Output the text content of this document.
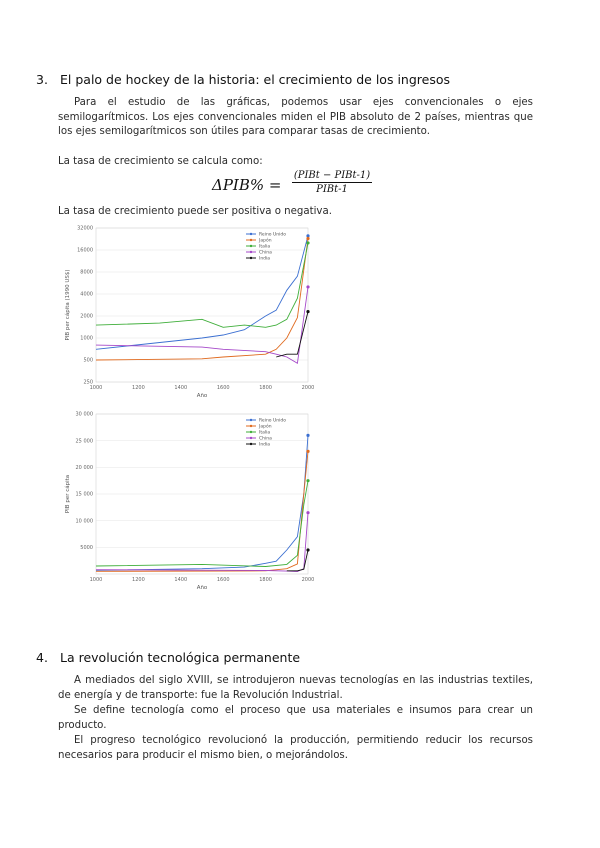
3. El palo de hockey de la historia: el crecimiento de los ingresos
Para el estudio de las gráficas, podemos usar ejes convencionales o ejes semilogarítmicos. Los ejes convencionales miden el PIB absoluto de 2 países, mientras que los ejes semilogarítmicos son útiles para comparar tasas de crecimiento.
La tasa de crecimiento se calcula como:
ΔPIB% =
(PIBt − PIBt-1)
PIBt-1
La tasa de crecimiento puede ser positiva o negativa.
250
500
1000
2000
4000
8000
16000
32000
1000	1200	1400	1600	1800	2000
Reino Unido
Japón
Italia
China
India
PIB per cápita (1990 US$)
Año
5000
10 000
15 000
20 000
25 000
30 000
1000	1200	1400	1600	1800	2000
Reino Unido
Japón
Italia
China
India
PIB per cápita
Año
4. La revolución tecnológica permanente
A mediados del siglo XVIII, se introdujeron nuevas tecnologías en las industrias textiles, de energía y de transporte: fue la Revolución Industrial.
Se define tecnología como el proceso que usa materiales e insumos para crear un producto.
El progreso tecnológico revolucionó la producción, permitiendo reducir los recursos necesarios para producir el mismo bien, o mejorándolos.
